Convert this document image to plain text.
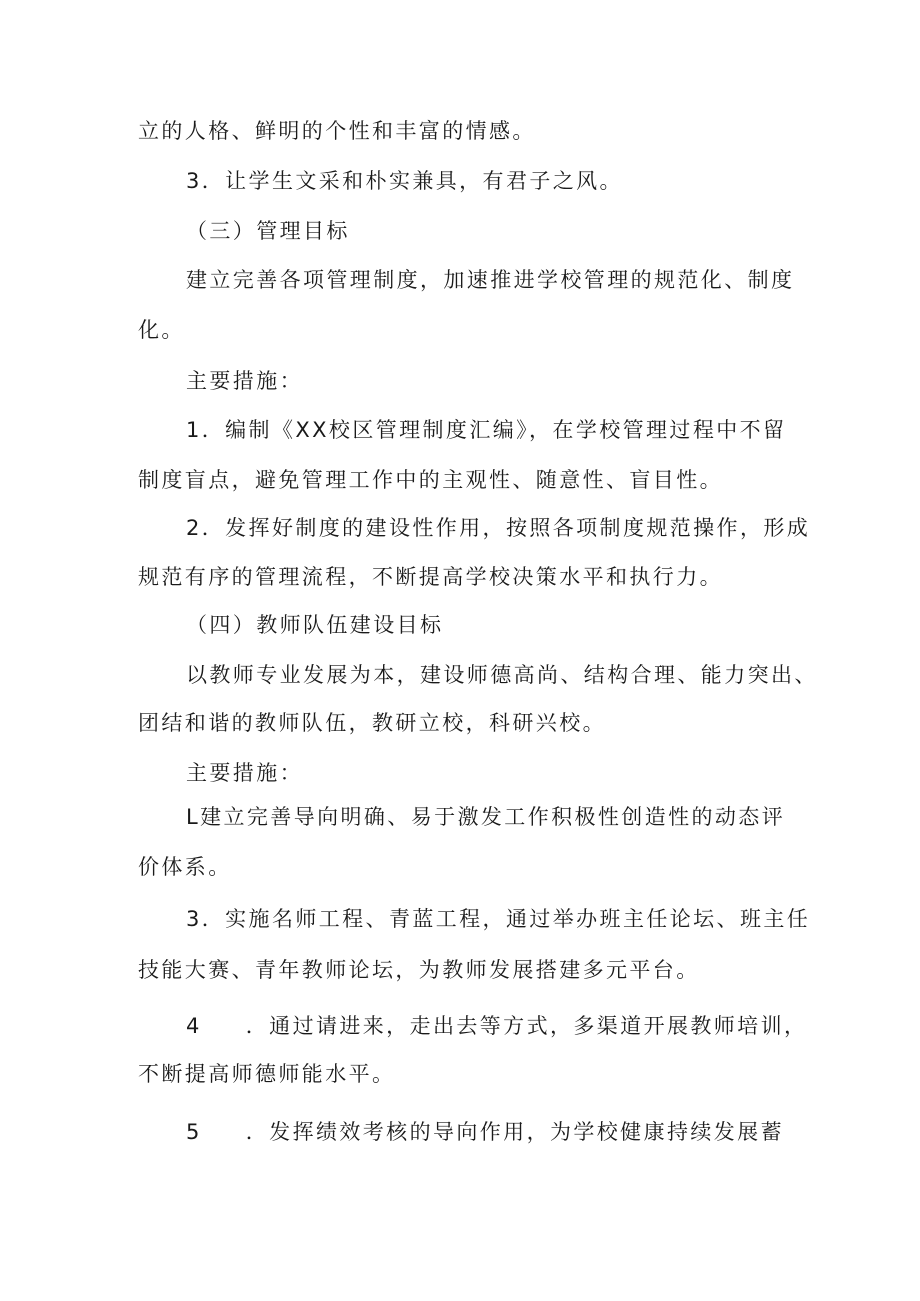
立的人格、鲜明的个性和丰富的情感。
3．让学生文采和朴实兼具，有君子之风。
（三）管理目标
建立完善各项管理制度，加速推进学校管理的规范化、制度
化。
主要措施：
1．编制《XX校区管理制度汇编》，在学校管理过程中不留
制度盲点，避免管理工作中的主观性、随意性、盲目性。
2．发挥好制度的建设性作用，按照各项制度规范操作，形成
规范有序的管理流程，不断提高学校决策水平和执行力。
（四）教师队伍建设目标
以教师专业发展为本，建设师德高尚、结构合理、能力突出、
团结和谐的教师队伍，教研立校，科研兴校。
主要措施：
L建立完善导向明确、易于激发工作积极性创造性的动态评
价体系。
3．实施名师工程、青蓝工程，通过举办班主任论坛、班主任
技能大赛、青年教师论坛，为教师发展搭建多元平台。
4 ．通过请进来，走出去等方式，多渠道开展教师培训，
不断提高师德师能水平。
5 ．发挥绩效考核的导向作用，为学校健康持续发展蓄
